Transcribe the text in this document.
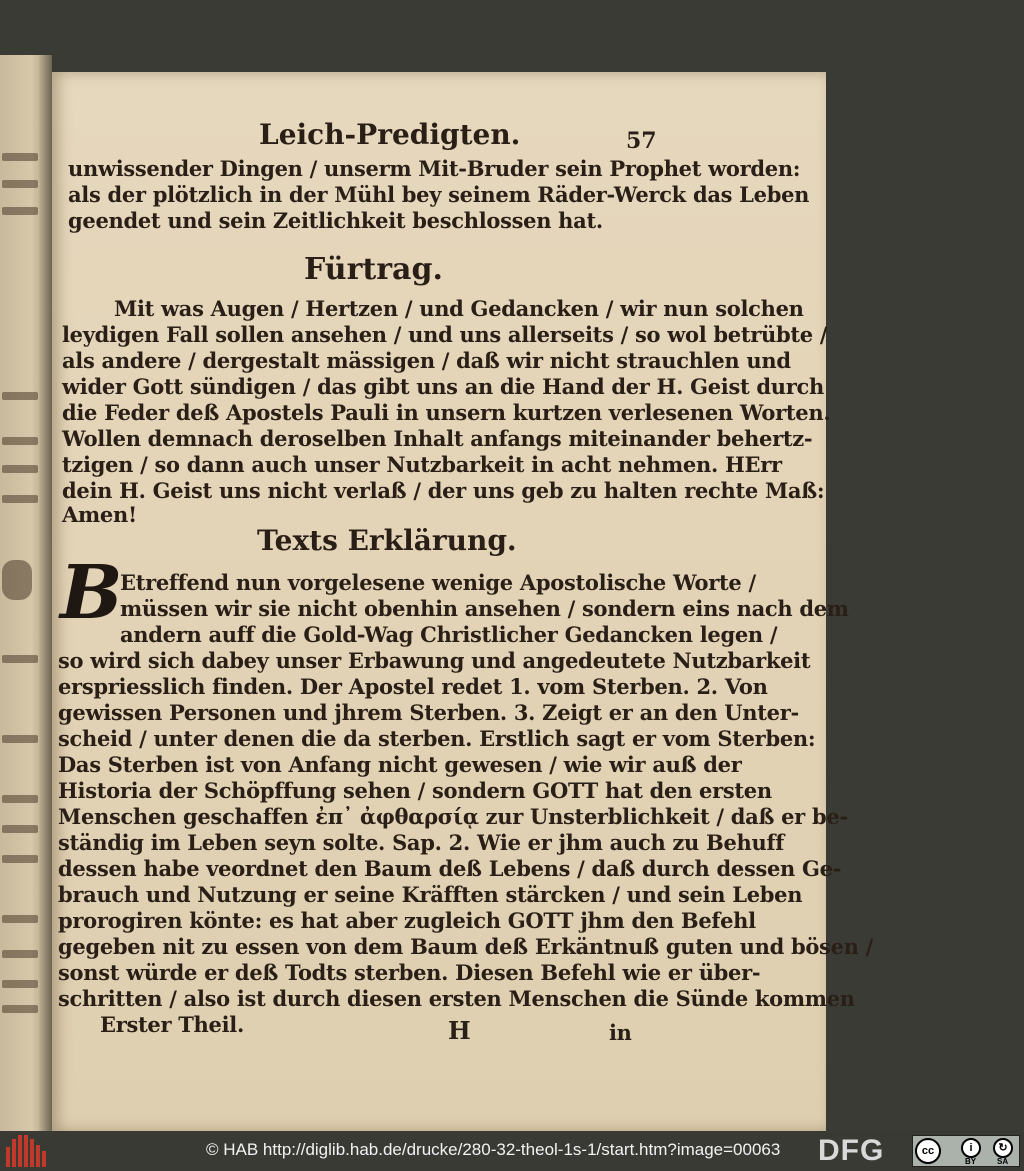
Leich-Predigten.	57
unwissender Dingen / unserm Mit-Bruder sein Prophet worden:
als der plötzlich in der Mühl bey seinem Räder-Werck das Leben
geendet und sein Zeitlichkeit beschlossen hat.
Fürtrag.
Mit was Augen / Hertzen / und Gedancken / wir nun solchen
leydigen Fall sollen ansehen / und uns allerseits / so wol betrübte /
als andere / dergestalt mässigen / daß wir nicht strauchlen und
wider Gott sündigen / das gibt uns an die Hand der H. Geist durch
die Feder deß Apostels Pauli in unsern kurtzen verlesenen Worten.
Wollen demnach deroselben Inhalt anfangs miteinander behertz-
tzigen / so dann auch unser Nutzbarkeit in acht nehmen. HErr
dein H. Geist uns nicht verlaß / der uns geb zu halten rechte Maß:
Amen!
Texts Erklärung.
B
Etreffend nun vorgelesene wenige Apostolische Worte /
müssen wir sie nicht obenhin ansehen / sondern eins nach dem
andern auff die Gold-Wag Christlicher Gedancken legen /
so wird sich dabey unser Erbawung und angedeutete Nutzbarkeit
erspriesslich finden. Der Apostel redet 1. vom Sterben. 2. Von
gewissen Personen und jhrem Sterben. 3. Zeigt er an den Unter-
scheid / unter denen die da sterben. Erstlich sagt er vom Sterben:
Das Sterben ist von Anfang nicht gewesen / wie wir auß der
Historia der Schöpffung sehen / sondern GOTT hat den ersten
Menschen geschaffen ἐπ᾽ ἀφθαρσίᾳ zur Unsterblichkeit / daß er be-
ständig im Leben seyn solte. Sap. 2. Wie er jhm auch zu Behuff
dessen habe veordnet den Baum deß Lebens / daß durch dessen Ge-
brauch und Nutzung er seine Kräfften stärcken / und sein Leben
prorogiren könte: es hat aber zugleich GOTT jhm den Befehl
gegeben nit zu essen von dem Baum deß Erkäntnuß guten und bösen /
sonst würde er deß Todts sterben. Diesen Befehl wie er über-
schritten / also ist durch diesen ersten Menschen die Sünde kommen
Erster Theil.	H	in
© HAB http://diglib.hab.de/drucke/280-32-theol-1s-1/start.htm?image=00063 DFG	cc	i	↻
BY	SA
